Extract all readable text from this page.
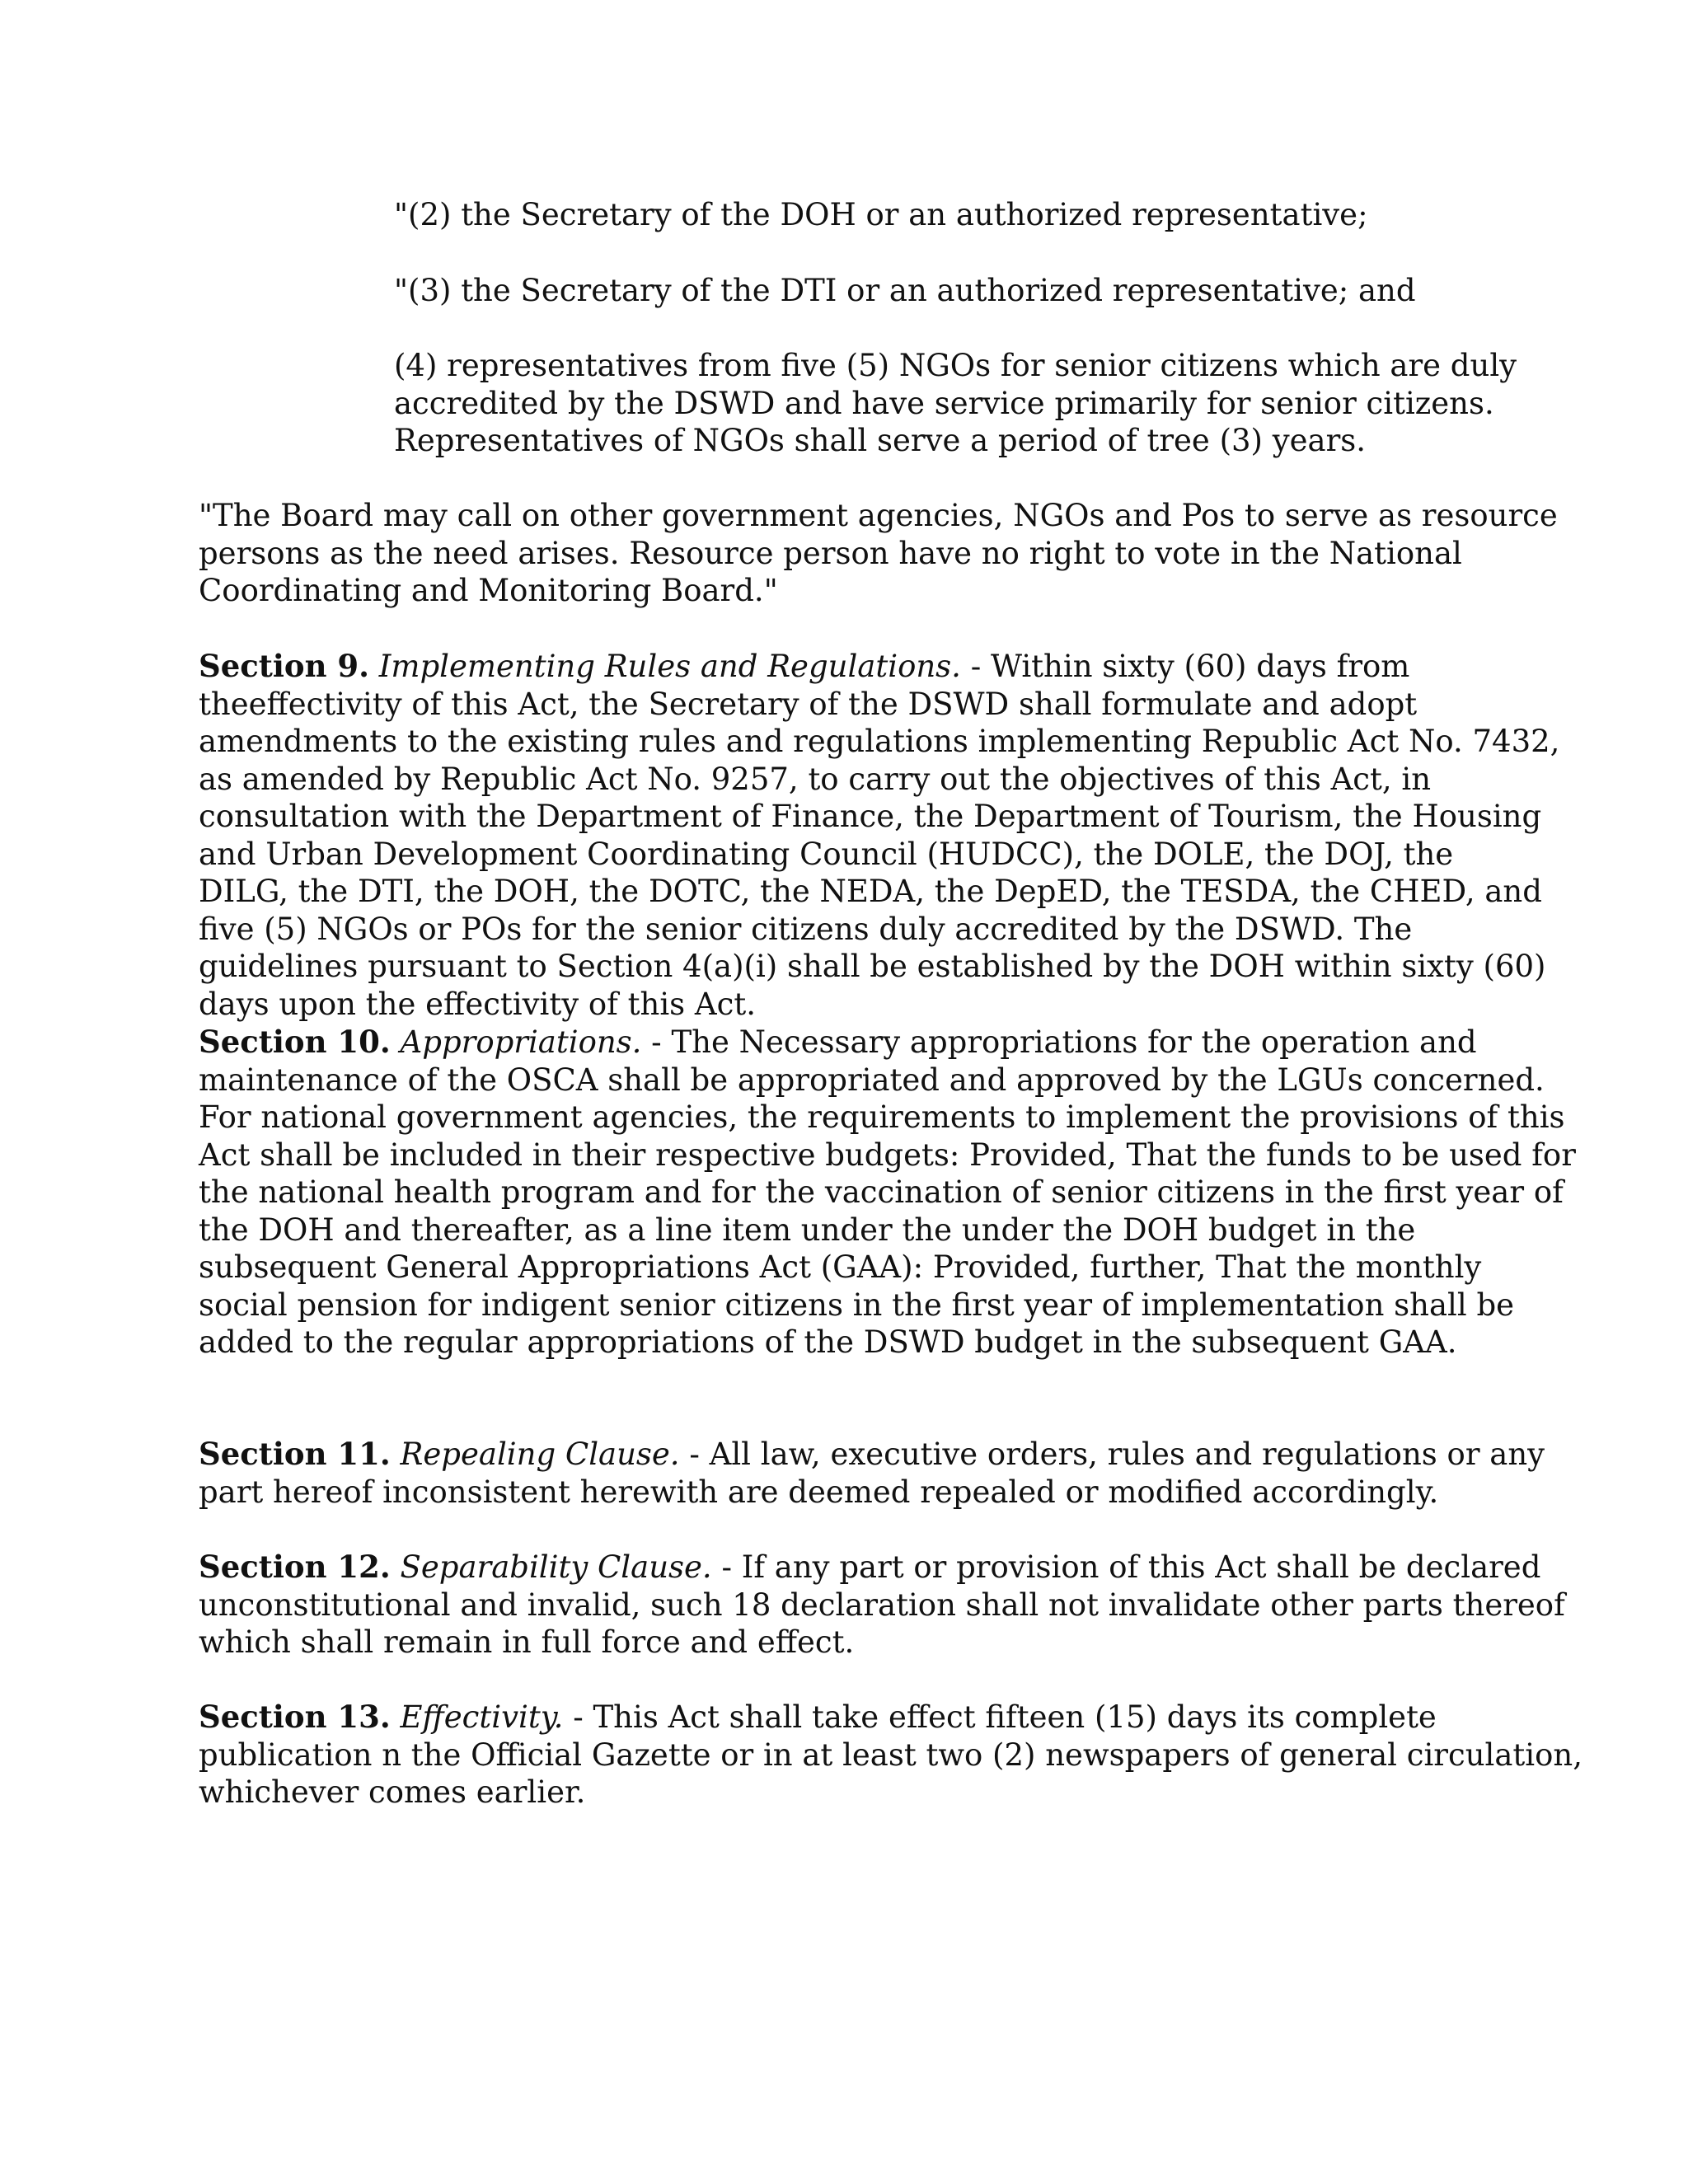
"(2) the Secretary of the DOH or an authorized representative;

"(3) the Secretary of the DTI or an authorized representative; and

(4) representatives from five (5) NGOs for senior citizens which are duly
accredited by the DSWD and have service primarily for senior citizens.
Representatives of NGOs shall serve a period of tree (3) years.

"The Board may call on other government agencies, NGOs and Pos to serve as resource
persons as the need arises. Resource person have no right to vote in the National
Coordinating and Monitoring Board."

Section 9. Implementing Rules and Regulations. - Within sixty (60) days from
theeffectivity of this Act, the Secretary of the DSWD shall formulate and adopt
amendments to the existing rules and regulations implementing Republic Act No. 7432,
as amended by Republic Act No. 9257, to carry out the objectives of this Act, in
consultation with the Department of Finance, the Department of Tourism, the Housing
and Urban Development Coordinating Council (HUDCC), the DOLE, the DOJ, the
DILG, the DTI, the DOH, the DOTC, the NEDA, the DepED, the TESDA, the CHED, and
five (5) NGOs or POs for the senior citizens duly accredited by the DSWD. The
guidelines pursuant to Section 4(a)(i) shall be established by the DOH within sixty (60)
days upon the effectivity of this Act.

Section 10. Appropriations. - The Necessary appropriations for the operation and
maintenance of the OSCA shall be appropriated and approved by the LGUs concerned.
For national government agencies, the requirements to implement the provisions of this
Act shall be included in their respective budgets: Provided, That the funds to be used for
the national health program and for the vaccination of senior citizens in the first year of
the DOH and thereafter, as a line item under the under the DOH budget in the
subsequent General Appropriations Act (GAA): Provided, further, That the monthly
social pension for indigent senior citizens in the first year of implementation shall be
added to the regular appropriations of the DSWD budget in the subsequent GAA.

Section 11. Repealing Clause. - All law, executive orders, rules and regulations or any
part hereof inconsistent herewith are deemed repealed or modified accordingly.

Section 12. Separability Clause. - If any part or provision of this Act shall be declared
unconstitutional and invalid, such 18 declaration shall not invalidate other parts thereof
which shall remain in full force and effect.

Section 13. Effectivity. - This Act shall take effect fifteen (15) days its complete
publication n the Official Gazette or in at least two (2) newspapers of general circulation,
whichever comes earlier.
